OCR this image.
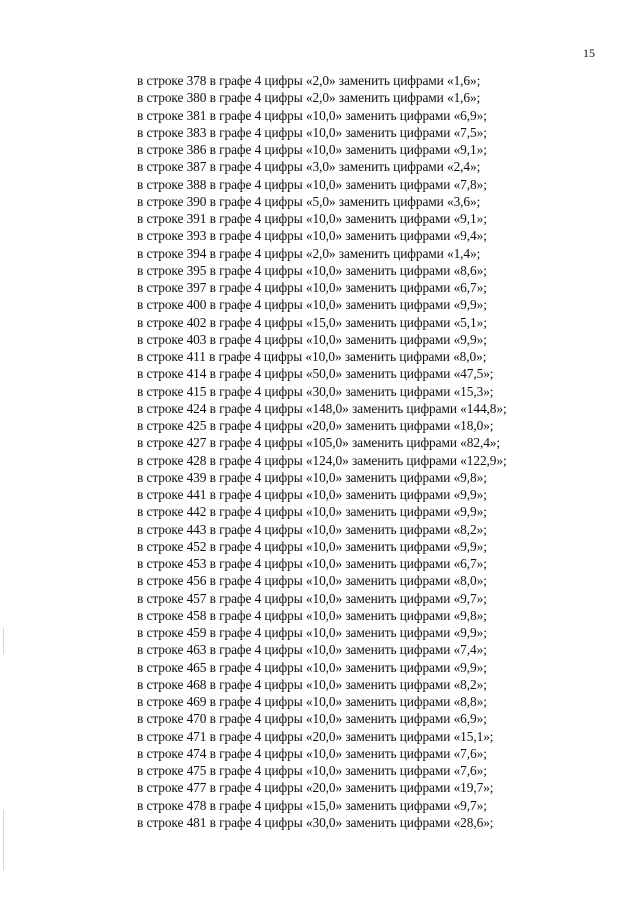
15
в строке 378 в графе 4 цифры «2,0» заменить цифрами «1,6»;
в строке 380 в графе 4 цифры «2,0» заменить цифрами «1,6»;
в строке 381 в графе 4 цифры «10,0» заменить цифрами «6,9»;
в строке 383 в графе 4 цифры «10,0» заменить цифрами «7,5»;
в строке 386 в графе 4 цифры «10,0» заменить цифрами «9,1»;
в строке 387 в графе 4 цифры «3,0» заменить цифрами «2,4»;
в строке 388 в графе 4 цифры «10,0» заменить цифрами «7,8»;
в строке 390 в графе 4 цифры «5,0» заменить цифрами «3,6»;
в строке 391 в графе 4 цифры «10,0» заменить цифрами «9,1»;
в строке 393 в графе 4 цифры «10,0» заменить цифрами «9,4»;
в строке 394 в графе 4 цифры «2,0» заменить цифрами «1,4»;
в строке 395 в графе 4 цифры «10,0» заменить цифрами «8,6»;
в строке 397 в графе 4 цифры «10,0» заменить цифрами «6,7»;
в строке 400 в графе 4 цифры «10,0» заменить цифрами «9,9»;
в строке 402 в графе 4 цифры «15,0» заменить цифрами «5,1»;
в строке 403 в графе 4 цифры «10,0» заменить цифрами «9,9»;
в строке 411 в графе 4 цифры «10,0» заменить цифрами «8,0»;
в строке 414 в графе 4 цифры «50,0» заменить цифрами «47,5»;
в строке 415 в графе 4 цифры «30,0» заменить цифрами «15,3»;
в строке 424 в графе 4 цифры «148,0» заменить цифрами «144,8»;
в строке 425 в графе 4 цифры «20,0» заменить цифрами «18,0»;
в строке 427 в графе 4 цифры «105,0» заменить цифрами «82,4»;
в строке 428 в графе 4 цифры «124,0» заменить цифрами «122,9»;
в строке 439 в графе 4 цифры «10,0» заменить цифрами «9,8»;
в строке 441 в графе 4 цифры «10,0» заменить цифрами «9,9»;
в строке 442 в графе 4 цифры «10,0» заменить цифрами «9,9»;
в строке 443 в графе 4 цифры «10,0» заменить цифрами «8,2»;
в строке 452 в графе 4 цифры «10,0» заменить цифрами «9,9»;
в строке 453 в графе 4 цифры «10,0» заменить цифрами «6,7»;
в строке 456 в графе 4 цифры «10,0» заменить цифрами «8,0»;
в строке 457 в графе 4 цифры «10,0» заменить цифрами «9,7»;
в строке 458 в графе 4 цифры «10,0» заменить цифрами «9,8»;
в строке 459 в графе 4 цифры «10,0» заменить цифрами «9,9»;
в строке 463 в графе 4 цифры «10,0» заменить цифрами «7,4»;
в строке 465 в графе 4 цифры «10,0» заменить цифрами «9,9»;
в строке 468 в графе 4 цифры «10,0» заменить цифрами «8,2»;
в строке 469 в графе 4 цифры «10,0» заменить цифрами «8,8»;
в строке 470 в графе 4 цифры «10,0» заменить цифрами «6,9»;
в строке 471 в графе 4 цифры «20,0» заменить цифрами «15,1»;
в строке 474 в графе 4 цифры «10,0» заменить цифрами «7,6»;
в строке 475 в графе 4 цифры «10,0» заменить цифрами «7,6»;
в строке 477 в графе 4 цифры «20,0» заменить цифрами «19,7»;
в строке 478 в графе 4 цифры «15,0» заменить цифрами «9,7»;
в строке 481 в графе 4 цифры «30,0» заменить цифрами «28,6»;
